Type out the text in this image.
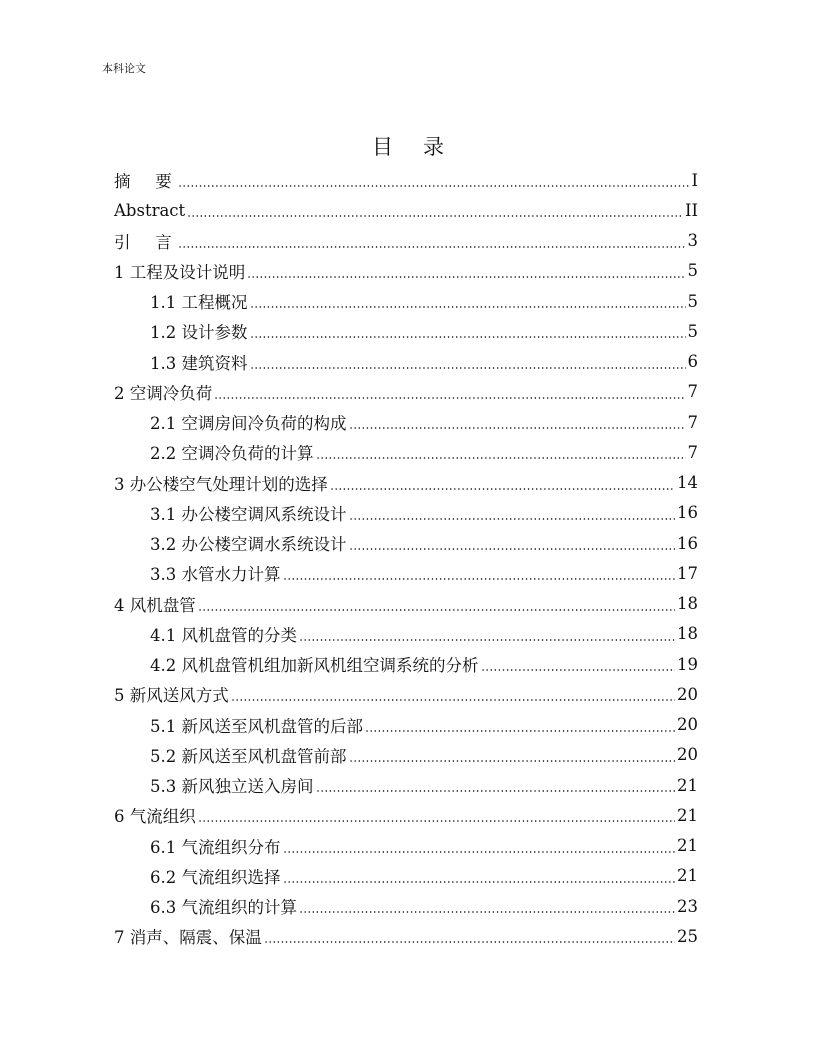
本科论文
目录
摘　要	I
Abstract	II
引　言	3
1 工程及设计说明	5
1.1 工程概况	5
1.2 设计参数	5
1.3 建筑资料	6
2 空调冷负荷	7
2.1 空调房间冷负荷的构成	7
2.2 空调冷负荷的计算	7
3 办公楼空气处理计划的选择	14
3.1 办公楼空调风系统设计	16
3.2 办公楼空调水系统设计	16
3.3 水管水力计算	17
4 风机盘管	18
4.1 风机盘管的分类	18
4.2 风机盘管机组加新风机组空调系统的分析	19
5 新风送风方式	20
5.1 新风送至风机盘管的后部	20
5.2 新风送至风机盘管前部	20
5.3 新风独立送入房间	21
6 气流组织	21
6.1 气流组织分布	21
6.2 气流组织选择	21
6.3 气流组织的计算	23
7 消声、隔震、保温	25
